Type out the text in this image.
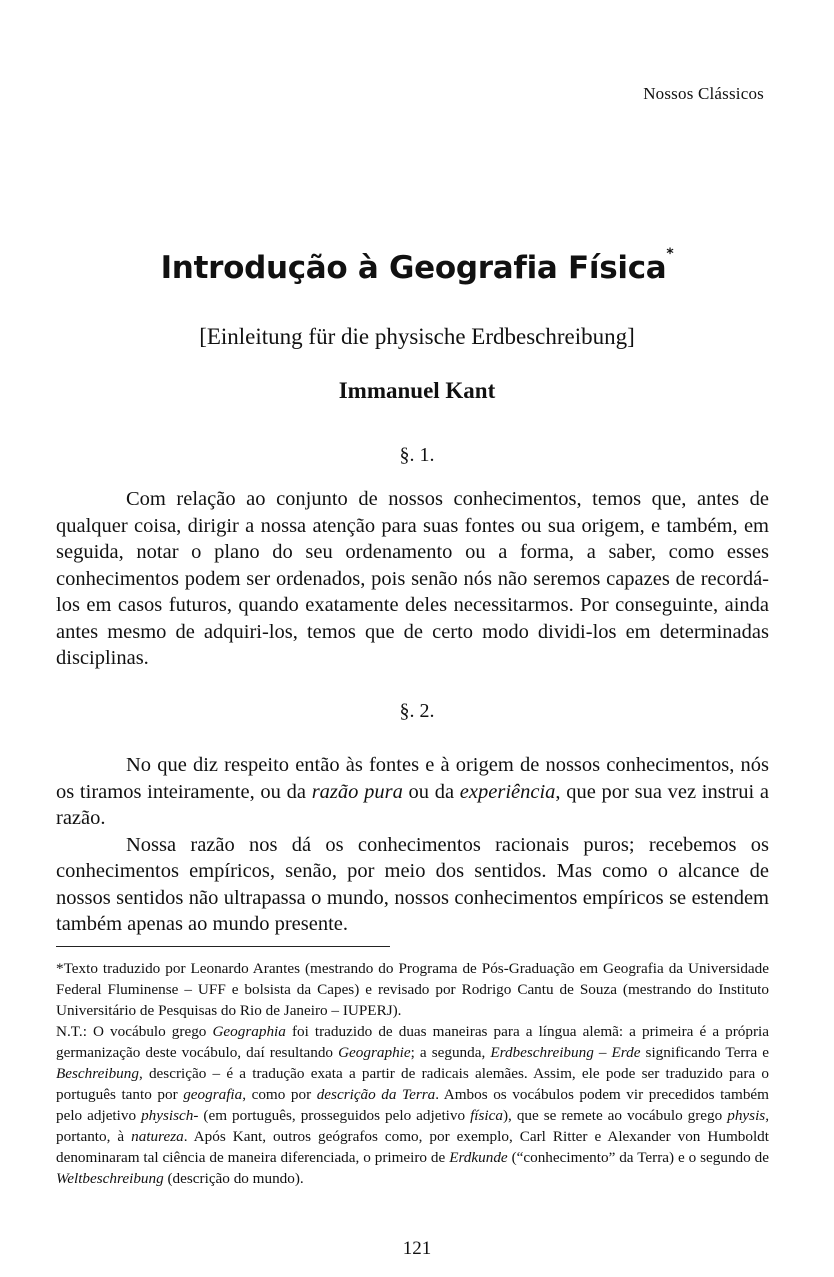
Nossos Clássicos
Introdução à Geografia Física*
[Einleitung für die physische Erdbeschreibung]
Immanuel Kant
§. 1.

Com relação ao conjunto de nossos conhecimentos, temos que, antes de qualquer coisa, dirigir a nossa atenção para suas fontes ou sua origem, e também, em seguida, notar o plano do seu ordenamento ou a forma, a saber, como esses conhecimentos podem ser ordenados, pois senão nós não seremos capazes de recordá-los em casos futuros, quando exatamente deles necessitarmos. Por conseguinte, ainda antes mesmo de adquiri-los, temos que de certo modo dividi-los em determinadas disciplinas.

§. 2.

No que diz respeito então às fontes e à origem de nossos conhecimentos, nós os tiramos inteiramente, ou da razão pura ou da experiência, que por sua vez instrui a razão.

Nossa razão nos dá os conhecimentos racionais puros; recebemos os conhecimentos empíricos, senão, por meio dos sentidos. Mas como o alcance de nossos sentidos não ultrapassa o mundo, nossos conhecimentos empíricos se estendem também apenas ao mundo presente.

*Texto traduzido por Leonardo Arantes (mestrando do Programa de Pós-Graduação em Geografia da Universidade Federal Fluminense – UFF e bolsista da Capes) e revisado por Rodrigo Cantu de Souza (mestrando do Instituto Universitário de Pesquisas do Rio de Janeiro – IUPERJ).

N.T.: O vocábulo grego Geographia foi traduzido de duas maneiras para a língua alemã: a primeira é a própria germanização deste vocábulo, daí resultando Geographie; a segunda, Erdbeschreibung – Erde significando Terra e Beschreibung, descrição – é a tradução exata a partir de radicais alemães. Assim, ele pode ser traduzido para o português tanto por geografia, como por descrição da Terra. Ambos os vocábulos podem vir precedidos também pelo adjetivo physisch- (em português, prosseguidos pelo adjetivo física), que se remete ao vocábulo grego physis, portanto, à natureza. Após Kant, outros geógrafos como, por exemplo, Carl Ritter e Alexander von Humboldt denominaram tal ciência de maneira diferenciada, o primeiro de Erdkunde (“conhecimento” da Terra) e o segundo de Weltbeschreibung (descrição do mundo).

121
